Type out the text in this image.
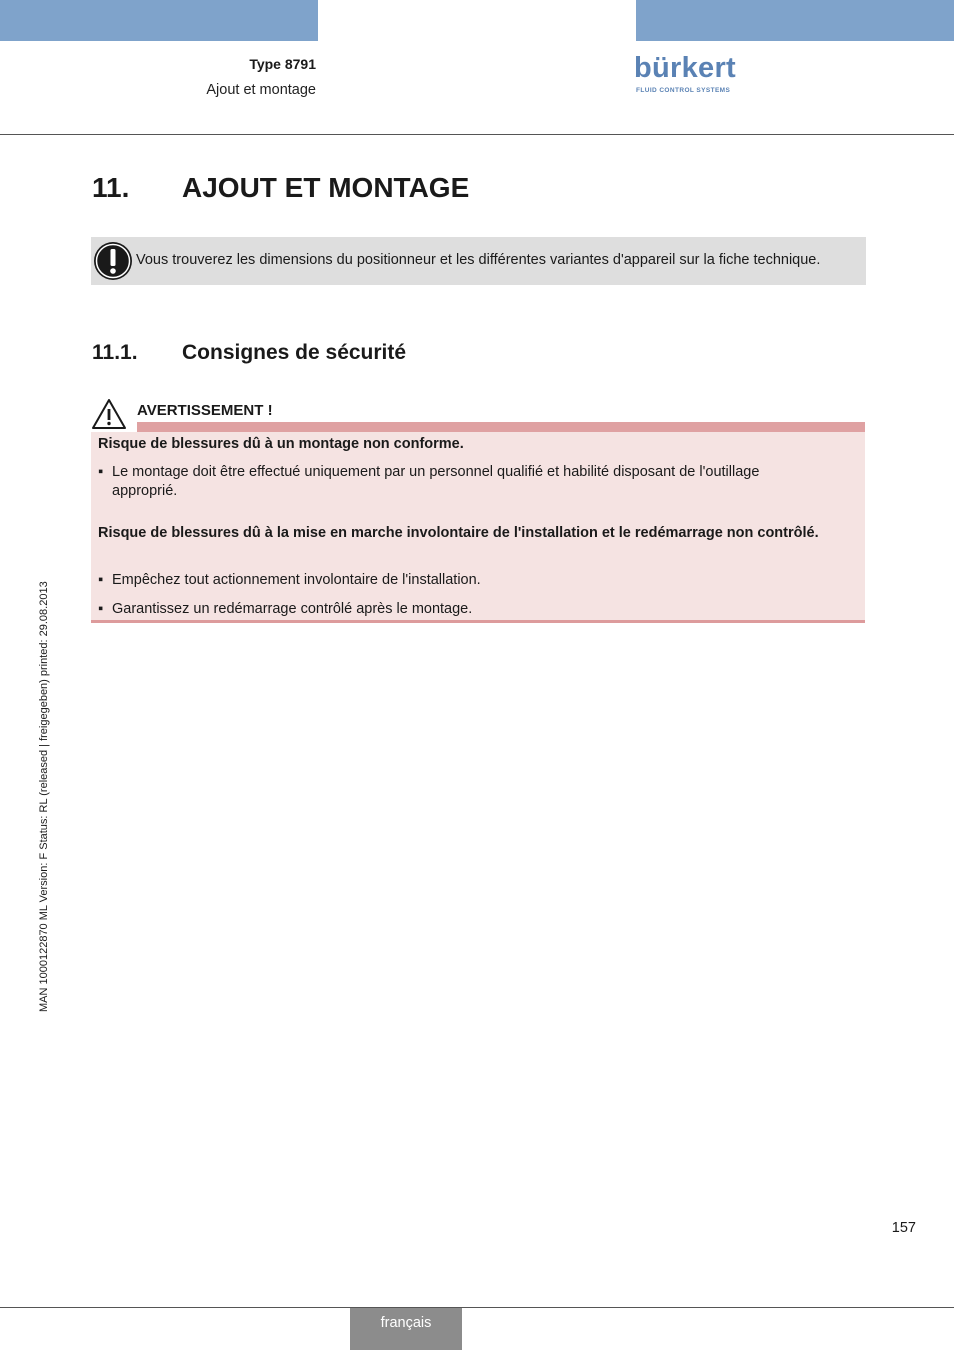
Type 8791
Ajout et montage
bürkert
FLUID CONTROL SYSTEMS
11. AJOUT ET MONTAGE
Vous trouverez les dimensions du positionneur et les différentes variantes d'appareil sur la fiche technique.
11.1. Consignes de sécurité
AVERTISSEMENT !
Risque de blessures dû à un montage non conforme.
▪ Le montage doit être effectué uniquement par un personnel qualifié et habilité disposant de l'outillage approprié.
Risque de blessures dû à la mise en marche involontaire de l'installation et le redémarrage non contrôlé.
▪ Empêchez tout actionnement involontaire de l'installation.
▪ Garantissez un redémarrage contrôlé après le montage.
MAN 1000122870 ML Version: F Status: RL (released | freigegeben) printed: 29.08.2013
157
français
